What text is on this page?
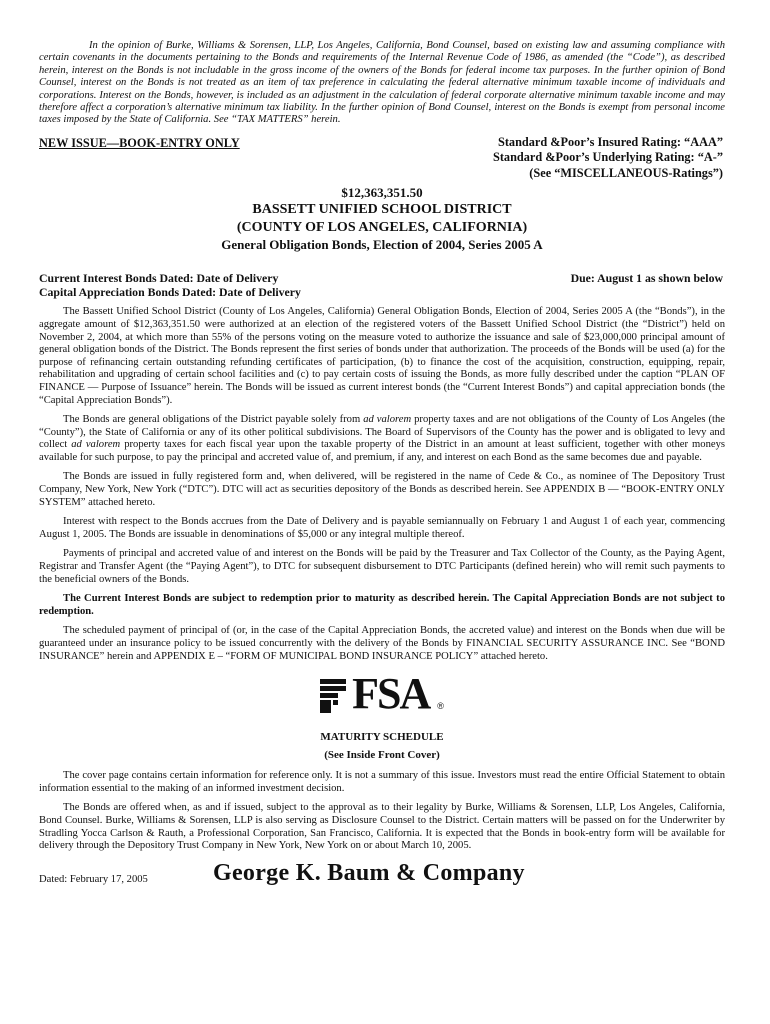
In the opinion of Burke, Williams & Sorensen, LLP, Los Angeles, California, Bond Counsel, based on existing law and assuming compliance with certain covenants in the documents pertaining to the Bonds and requirements of the Internal Revenue Code of 1986, as amended (the “Code”), as described herein, interest on the Bonds is not includable in the gross income of the owners of the Bonds for federal income tax purposes. In the further opinion of Bond Counsel, interest on the Bonds is not treated as an item of tax preference in calculating the federal alternative minimum taxable income of individuals and corporations. Interest on the Bonds, however, is included as an adjustment in the calculation of federal corporate alternative minimum taxable income and may therefore affect a corporation’s alternative minimum tax liability. In the further opinion of Bond Counsel, interest on the Bonds is exempt from personal income taxes imposed by the State of California. See “TAX MATTERS” herein.

NEW ISSUE—BOOK-ENTRY ONLY	Standard &Poor’s Insured Rating: “AAA”
Standard &Poor’s Underlying Rating: “A-”
(See “MISCELLANEOUS-Ratings”)
$12,363,351.50
BASSETT UNIFIED SCHOOL DISTRICT
(COUNTY OF LOS ANGELES, CALIFORNIA)
General Obligation Bonds, Election of 2004, Series 2005 A
Current Interest Bonds Dated: Date of Delivery
Capital Appreciation Bonds Dated: Date of Delivery
Due: August 1 as shown below

The Bassett Unified School District (County of Los Angeles, California) General Obligation Bonds, Election of 2004, Series 2005 A (the “Bonds”), in the aggregate amount of $12,363,351.50 were authorized at an election of the registered voters of the Bassett Unified School District (the “District”) held on November 2, 2004, at which more than 55% of the persons voting on the measure voted to authorize the issuance and sale of $23,000,000 principal amount of general obligation bonds of the District. The Bonds represent the first series of bonds under that authorization. The proceeds of the Bonds will be used (a) for the purpose of refinancing certain outstanding refunding certificates of participation, (b) to finance the cost of the acquisition, construction, equipping, repair, rehabilitation and upgrading of certain school facilities and (c) to pay certain costs of issuing the Bonds, as more fully described under the caption “PLAN OF FINANCE — Purpose of Issuance” herein. The Bonds will be issued as current interest bonds (the “Current Interest Bonds”) and capital appreciation bonds (the “Capital Appreciation Bonds”).

The Bonds are general obligations of the District payable solely from ad valorem property taxes and are not obligations of the County of Los Angeles (the “County”), the State of California or any of its other political subdivisions. The Board of Supervisors of the County has the power and is obligated to levy and collect ad valorem property taxes for each fiscal year upon the taxable property of the District in an amount at least sufficient, together with other moneys available for such purpose, to pay the principal and accreted value of, and premium, if any, and interest on each Bond as the same becomes due and payable.

The Bonds are issued in fully registered form and, when delivered, will be registered in the name of Cede & Co., as nominee of The Depository Trust Company, New York, New York (“DTC”). DTC will act as securities depository of the Bonds as described herein. See APPENDIX B — “BOOK-ENTRY ONLY SYSTEM” attached hereto.

Interest with respect to the Bonds accrues from the Date of Delivery and is payable semiannually on February 1 and August 1 of each year, commencing August 1, 2005. The Bonds are issuable in denominations of $5,000 or any integral multiple thereof.

Payments of principal and accreted value of and interest on the Bonds will be paid by the Treasurer and Tax Collector of the County, as the Paying Agent, Registrar and Transfer Agent (the “Paying Agent”), to DTC for subsequent disbursement to DTC Participants (defined herein) who will remit such payments to the beneficial owners of the Bonds.

The Current Interest Bonds are subject to redemption prior to maturity as described herein. The Capital Appreciation Bonds are not subject to redemption.

The scheduled payment of principal of (or, in the case of the Capital Appreciation Bonds, the accreted value) and interest on the Bonds when due will be guaranteed under an insurance policy to be issued concurrently with the delivery of the Bonds by FINANCIAL SECURITY ASSURANCE INC. See “BOND INSURANCE” herein and APPENDIX E – “FORM OF MUNICIPAL BOND INSURANCE POLICY” attached hereto.

FSA ®
MATURITY SCHEDULE
(See Inside Front Cover)

The cover page contains certain information for reference only. It is not a summary of this issue. Investors must read the entire Official Statement to obtain information essential to the making of an informed investment decision.

The Bonds are offered when, as and if issued, subject to the approval as to their legality by Burke, Williams & Sorensen, LLP, Los Angeles, California, Bond Counsel. Burke, Williams & Sorensen, LLP is also serving as Disclosure Counsel to the District. Certain matters will be passed on for the Underwriter by Stradling Yocca Carlson & Rauth, a Professional Corporation, San Francisco, California. It is expected that the Bonds in book-entry form will be available for delivery through the Depository Trust Company in New York, New York on or about March 10, 2005.

Dated: February 17, 2005	George K. Baum & Company
